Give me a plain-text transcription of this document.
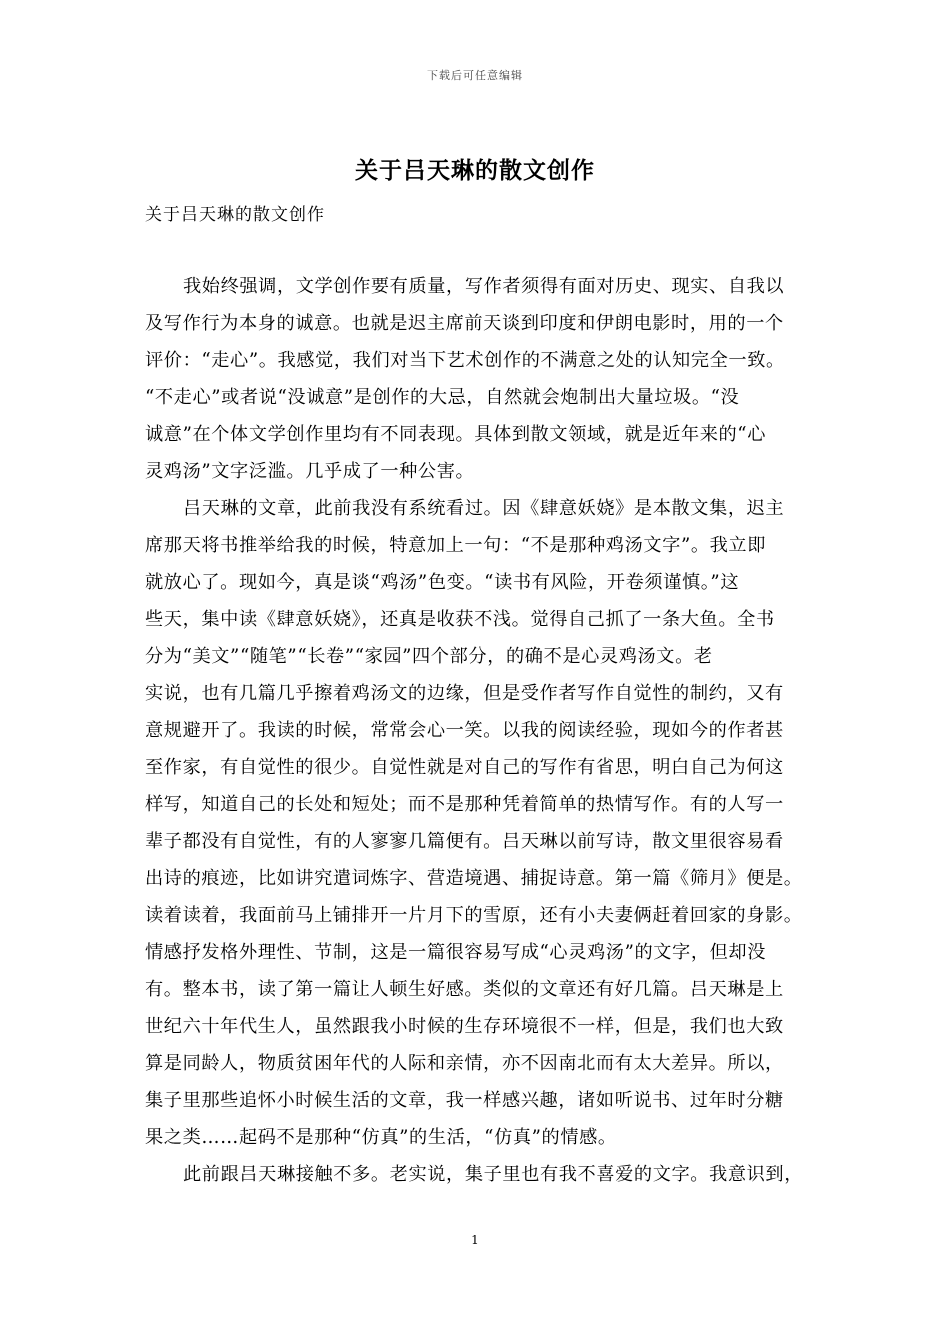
下载后可任意编辑
关于吕天琳的散文创作
关于吕天琳的散文创作
我始终强调，文学创作要有质量，写作者须得有面对历史、现实、自我以
及写作行为本身的诚意。也就是迟主席前天谈到印度和伊朗电影时，用的一个
评价：“走心”。我感觉，我们对当下艺术创作的不满意之处的认知完全一致。
“不走心”或者说“没诚意”是创作的大忌，自然就会炮制出大量垃圾。“没
诚意”在个体文学创作里均有不同表现。具体到散文领域，就是近年来的“心
灵鸡汤”文字泛滥。几乎成了一种公害。
吕天琳的文章，此前我没有系统看过。因《肆意妖娆》是本散文集，迟主
席那天将书推举给我的时候，特意加上一句：“不是那种鸡汤文字”。我立即
就放心了。现如今，真是谈“鸡汤”色变。“读书有风险，开卷须谨慎。”这
些天，集中读《肆意妖娆》，还真是收获不浅。觉得自己抓了一条大鱼。全书
分为“美文”“随笔”“长卷”“家园”四个部分，的确不是心灵鸡汤文。老
实说，也有几篇几乎擦着鸡汤文的边缘，但是受作者写作自觉性的制约，又有
意规避开了。我读的时候，常常会心一笑。以我的阅读经验，现如今的作者甚
至作家，有自觉性的很少。自觉性就是对自己的写作有省思，明白自己为何这
样写，知道自己的长处和短处；而不是那种凭着简单的热情写作。有的人写一
辈子都没有自觉性，有的人寥寥几篇便有。吕天琳以前写诗，散文里很容易看
出诗的痕迹，比如讲究遣词炼字、营造境遇、捕捉诗意。第一篇《筛月》便是。
读着读着，我面前马上铺排开一片月下的雪原，还有小夫妻俩赶着回家的身影。
情感抒发格外理性、节制，这是一篇很容易写成“心灵鸡汤”的文字，但却没
有。整本书，读了第一篇让人顿生好感。类似的文章还有好几篇。吕天琳是上
世纪六十年代生人，虽然跟我小时候的生存环境很不一样，但是，我们也大致
算是同龄人，物质贫困年代的人际和亲情，亦不因南北而有太大差异。所以，
集子里那些追怀小时候生活的文章，我一样感兴趣，诸如听说书、过年时分糖
果之类……起码不是那种“仿真”的生活，“仿真”的情感。
此前跟吕天琳接触不多。老实说，集子里也有我不喜爱的文字。我意识到，
1
